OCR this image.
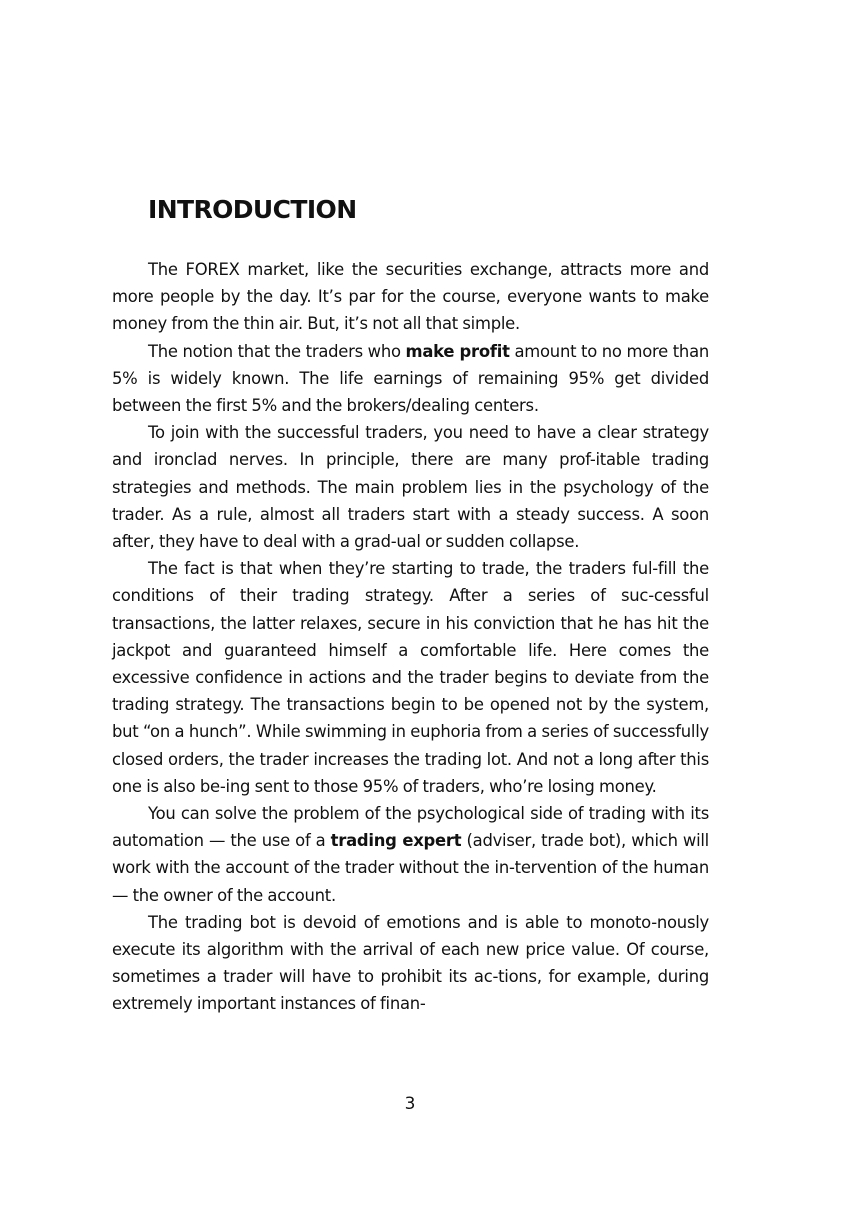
INTRODUCTION

The FOREX market, like the securities exchange, attracts more and more people by the day. It’s par for the course, everyone wants to make money from the thin air. But, it’s not all that simple.

The notion that the traders who make profit amount to no more than 5% is widely known. The life earnings of remaining 95% get divided between the first 5% and the brokers/dealing centers.

To join with the successful traders, you need to have a clear strategy and ironclad nerves. In principle, there are many prof-itable trading strategies and methods. The main problem lies in the psychology of the trader. As a rule, almost all traders start with a steady success. A soon after, they have to deal with a grad-ual or sudden collapse.

The fact is that when they’re starting to trade, the traders ful-fill the conditions of their trading strategy. After a series of suc-cessful transactions, the latter relaxes, secure in his conviction that he has hit the jackpot and guaranteed himself a comfortable life. Here comes the excessive confidence in actions and the trader begins to deviate from the trading strategy. The transactions begin to be opened not by the system, but “on a hunch”. While swimming in euphoria from a series of successfully closed orders, the trader increases the trading lot. And not a long after this one is also be-ing sent to those 95% of traders, who’re losing money.

You can solve the problem of the psychological side of trading with its automation — the use of a trading expert (adviser, trade bot), which will work with the account of the trader without the in-tervention of the human — the owner of the account.

The trading bot is devoid of emotions and is able to monoto-nously execute its algorithm with the arrival of each new price value. Of course, sometimes a trader will have to prohibit its ac-tions, for example, during extremely important instances of finan-

3
